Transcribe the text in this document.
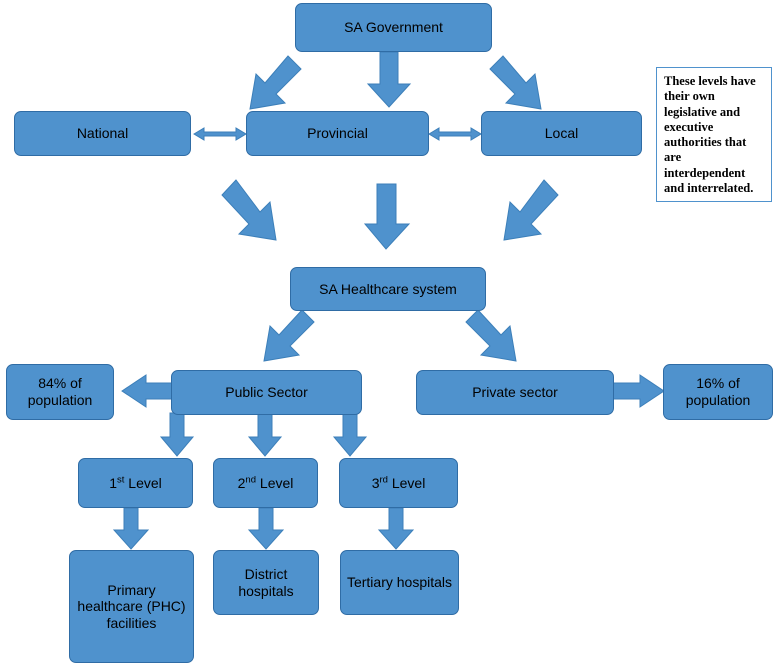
SA Government
National	Provincial	Local
These levels have their own legislative and executive authorities that are interdependent and interrelated.
SA Healthcare system
Public Sector	Private sector
84% of population
16% of population
1st Level	2nd Level	3rd Level
Primary healthcare (PHC) facilities
District hospitals
Tertiary hospitals
